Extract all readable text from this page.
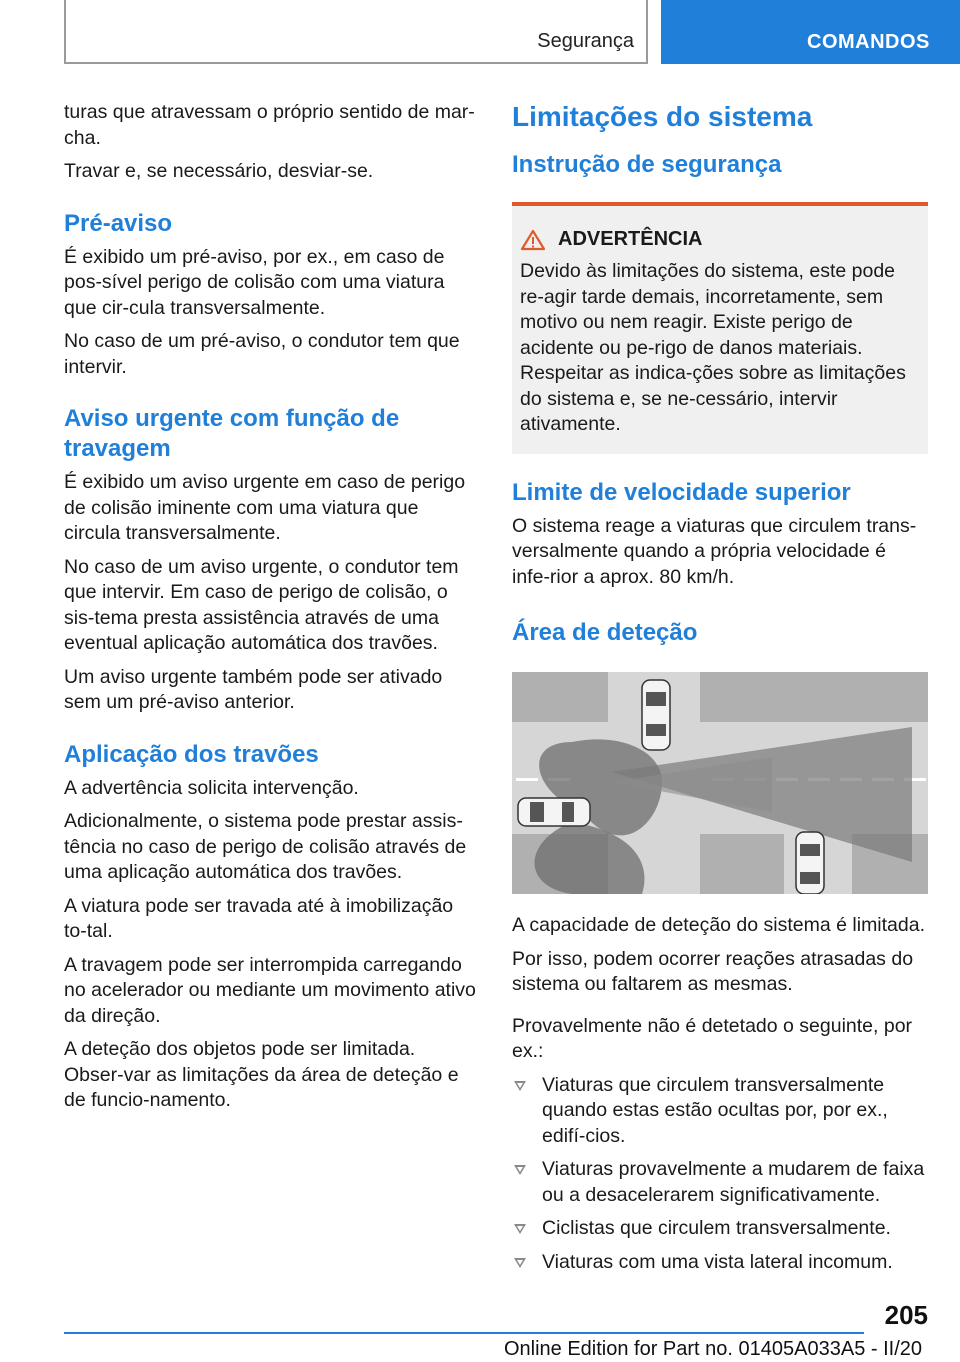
Segurança	COMANDOS

turas que atravessam o próprio sentido de mar-cha.

Travar e, se necessário, desviar-se.

Pré-aviso

É exibido um pré-aviso, por ex., em caso de pos-sível perigo de colisão com uma viatura que cir-cula transversalmente.

No caso de um pré-aviso, o condutor tem que intervir.

Aviso urgente com função de travagem

É exibido um aviso urgente em caso de perigo de colisão iminente com uma viatura que circula transversalmente.

No caso de um aviso urgente, o condutor tem que intervir. Em caso de perigo de colisão, o sis-tema presta assistência através de uma eventual aplicação automática dos travões.

Um aviso urgente também pode ser ativado sem um pré-aviso anterior.

Aplicação dos travões

A advertência solicita intervenção.

Adicionalmente, o sistema pode prestar assis-tência no caso de perigo de colisão através de uma aplicação automática dos travões.

A viatura pode ser travada até à imobilização to-tal.

A travagem pode ser interrompida carregando no acelerador ou mediante um movimento ativo da direção.

A deteção dos objetos pode ser limitada. Obser-var as limitações da área de deteção e de funcio-namento.

Limitações do sistema
Instrução de segurança
ADVERTÊNCIA

Devido às limitações do sistema, este pode re-agir tarde demais, incorretamente, sem motivo ou nem reagir. Existe perigo de acidente ou pe-rigo de danos materiais. Respeitar as indica-ções sobre as limitações do sistema e, se ne-cessário, intervir ativamente.

Limite de velocidade superior

O sistema reage a viaturas que circulem trans-versalmente quando a própria velocidade é infe-rior a aprox. 80 km/h.

Área de deteção

A capacidade de deteção do sistema é limitada.

Por isso, podem ocorrer reações atrasadas do sistema ou faltarem as mesmas.

Provavelmente não é detetado o seguinte, por ex.:

Viaturas que circulem transversalmente quando estas estão ocultas por, por ex., edifí-cios.
Viaturas provavelmente a mudarem de faixa ou a desacelerarem significativamente.
Ciclistas que circulem transversalmente.
Viaturas com uma vista lateral incomum.
205
Online Edition for Part no. 01405A033A5 - II/20
